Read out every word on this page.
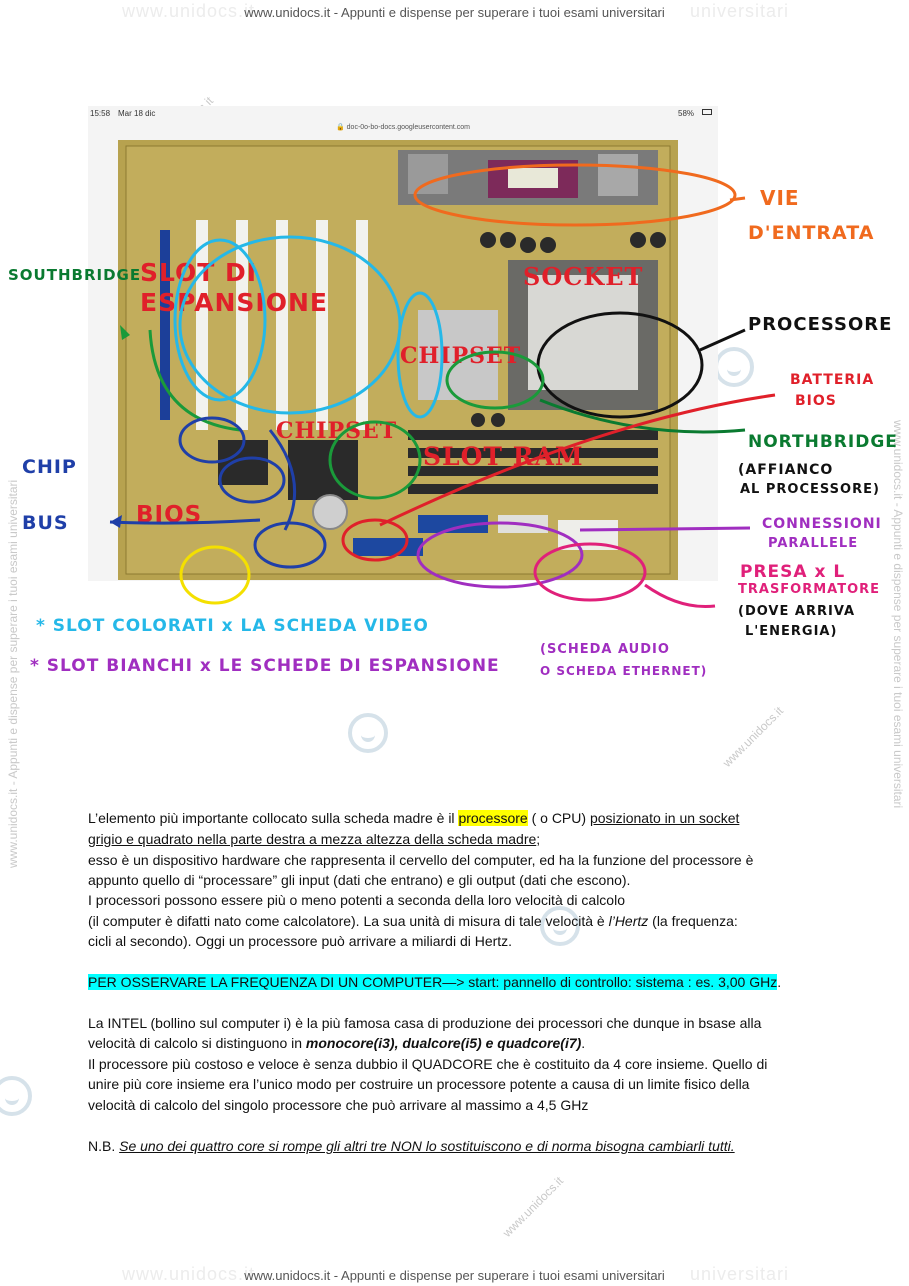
www.unidocs.it
www.unidocs.it - Appunti e dispense per superare i tuoi esami universitari universitari
www.unidocs.it - Appunti e dispense per superare i tuoi esami universitari	www.unidocs.it - Appunti e dispense per superare i tuoi esami universitari
www.unidocs.it
www.unidocs.it
15:58 Mar 18 dic	58%
🔒 doc-0o-bo-docs.googleusercontent.com
SLOT DI ESPANSIONE
SOCKET
CHIPSET
CHIPSET
SLOT RAM
BIOS
VIE
D'ENTRATA
SOUTHBRIDGE
PROCESSORE
BATTERIA
BIOS
NORTHBRIDGE
(AFFIANCO
AL PROCESSORE)
CHIP
BUS	CONNESSIONI
PARALLELE
PRESA x L
TRASFORMATORE
(DOVE ARRIVA
L'ENERGIA)
* SLOT COLORATI x LA SCHEDA VIDEO
* SLOT BIANCHI x LE SCHEDE DI ESPANSIONE
(SCHEDA AUDIO
O SCHEDA ETHERNET)
L’elemento più importante collocato sulla scheda madre è il processore ( o CPU) posizionato in un socket
grigio e quadrato nella parte destra a mezza altezza della scheda madre;
esso è un dispositivo hardware che rappresenta il cervello del computer, ed ha la funzione del processore è
appunto quello di “processare” gli input (dati che entrano) e gli output (dati che escono).
I processori possono essere più o meno potenti a seconda della loro velocità di calcolo
(il computer è difatti nato come calcolatore). La sua unità di misura di tale velocità è l’Hertz (la frequenza:
cicli al secondo). Oggi un processore può arrivare a miliardi di Hertz.
PER OSSERVARE LA FREQUENZA DI UN COMPUTER—> start: pannello di controllo: sistema : es. 3,00 GHz.
La INTEL (bollino sul computer i) è la più famosa casa di produzione dei processori che dunque in bsase alla
velocità di calcolo si distinguono in monocore(i3), dualcore(i5) e quadcore(i7).
Il processore più costoso e veloce è senza dubbio il QUADCORE che è costituito da 4 core insieme. Quello di
unire più core insieme era l’unico modo per costruire un processore potente a causa di un limite fisico della
velocità di calcolo del singolo processore che può arrivare al massimo a 4,5 GHz
N.B. Se uno dei quattro core si rompe gli altri tre NON lo sostituiscono e di norma bisogna cambiarli tutti.
www.unidocs.it
www.unidocs.it - Appunti e dispense per superare i tuoi esami universitari universitari
